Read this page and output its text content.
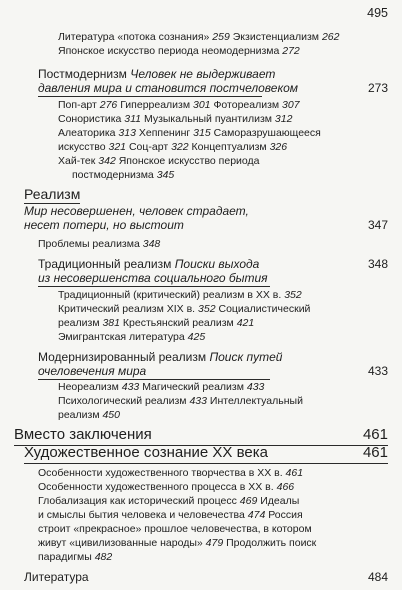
495
Литература «потока сознания» 259 Экзистенциализм 262
Японское искусство периода неомодернизма 272
Постмодернизм Человек не выдерживает
давления мира и становится постчеловеком	273
Поп-арт 276 Гиперреализм 301 Фотореализм 307
Сонористика 311 Музыкальный пуантилизм 312
Алеаторика 313 Хеппенинг 315 Саморазрушающееся
искусство 321 Соц-арт 322 Концептуализм 326
Хай-тек 342 Японское искусство периода
постмодернизма 345
Реализм
Мир несовершенен, человек страдает,
несет потери, но выстоит	347
Проблемы реализма 348
Традиционный реализм Поиски выхода	348
из несовершенства социального бытия
Традиционный (критический) реализм в XX в. 352
Критический реализм XIX в. 352 Социалистический
реализм 381 Крестьянский реализм 421
Эмигрантская литература 425
Модернизированный реализм Поиск путей
очеловечения мира	433
Неореализм 433 Магический реализм 433
Психологический реализм 433 Интеллектуальный
реализм 450
Вместо заключения	461
Художественное сознание XX века	461
Особенности художественного творчества в XX в. 461
Особенности художественного процесса в XX в. 466
Глобализация как исторический процесс 469 Идеалы
и смыслы бытия человека и человечества 474 Россия
строит «прекрасное» прошлое человечества, в котором
живут «цивилизованные народы» 479 Продолжить поиск
парадигмы 482
Литература	484
